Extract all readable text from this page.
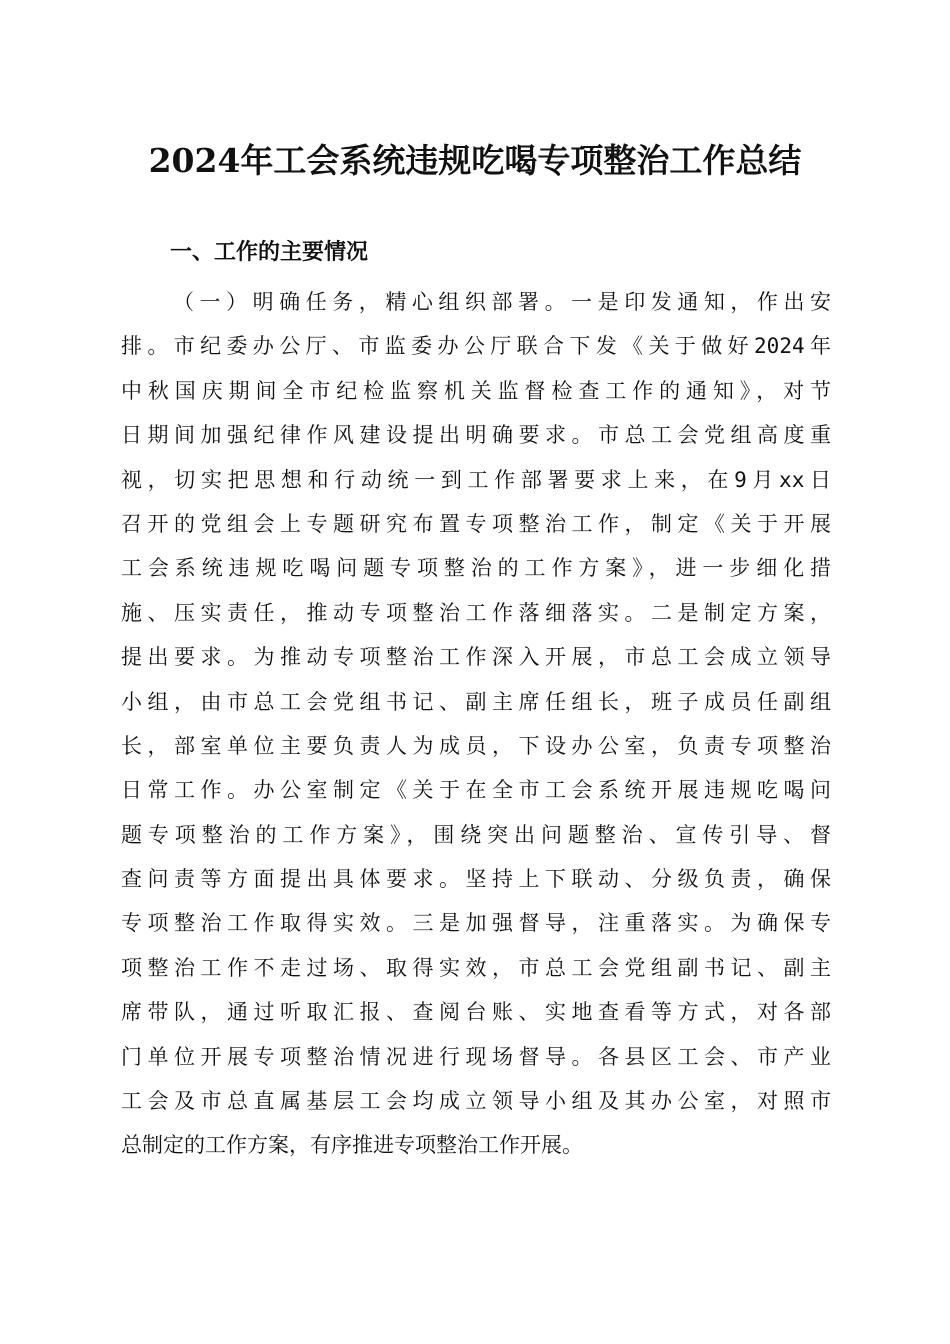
2024年工会系统违规吃喝专项整治工作总结
一、工作的主要情况
（一）明确任务，精心组织部署。一是印发通知，作出安
排。市纪委办公厅、市监委办公厅联合下发《关于做好2024年
中秋国庆期间全市纪检监察机关监督检查工作的通知》，对节
日期间加强纪律作风建设提出明确要求。市总工会党组高度重
视，切实把思想和行动统一到工作部署要求上来，在9月xx日
召开的党组会上专题研究布置专项整治工作，制定《关于开展
工会系统违规吃喝问题专项整治的工作方案》，进一步细化措
施、压实责任，推动专项整治工作落细落实。二是制定方案，
提出要求。为推动专项整治工作深入开展，市总工会成立领导
小组，由市总工会党组书记、副主席任组长，班子成员任副组
长，部室单位主要负责人为成员，下设办公室，负责专项整治
日常工作。办公室制定《关于在全市工会系统开展违规吃喝问
题专项整治的工作方案》，围绕突出问题整治、宣传引导、督
查问责等方面提出具体要求。坚持上下联动、分级负责，确保
专项整治工作取得实效。三是加强督导，注重落实。为确保专
项整治工作不走过场、取得实效，市总工会党组副书记、副主
席带队，通过听取汇报、查阅台账、实地查看等方式，对各部
门单位开展专项整治情况进行现场督导。各县区工会、市产业
工会及市总直属基层工会均成立领导小组及其办公室，对照市
总制定的工作方案，有序推进专项整治工作开展。
